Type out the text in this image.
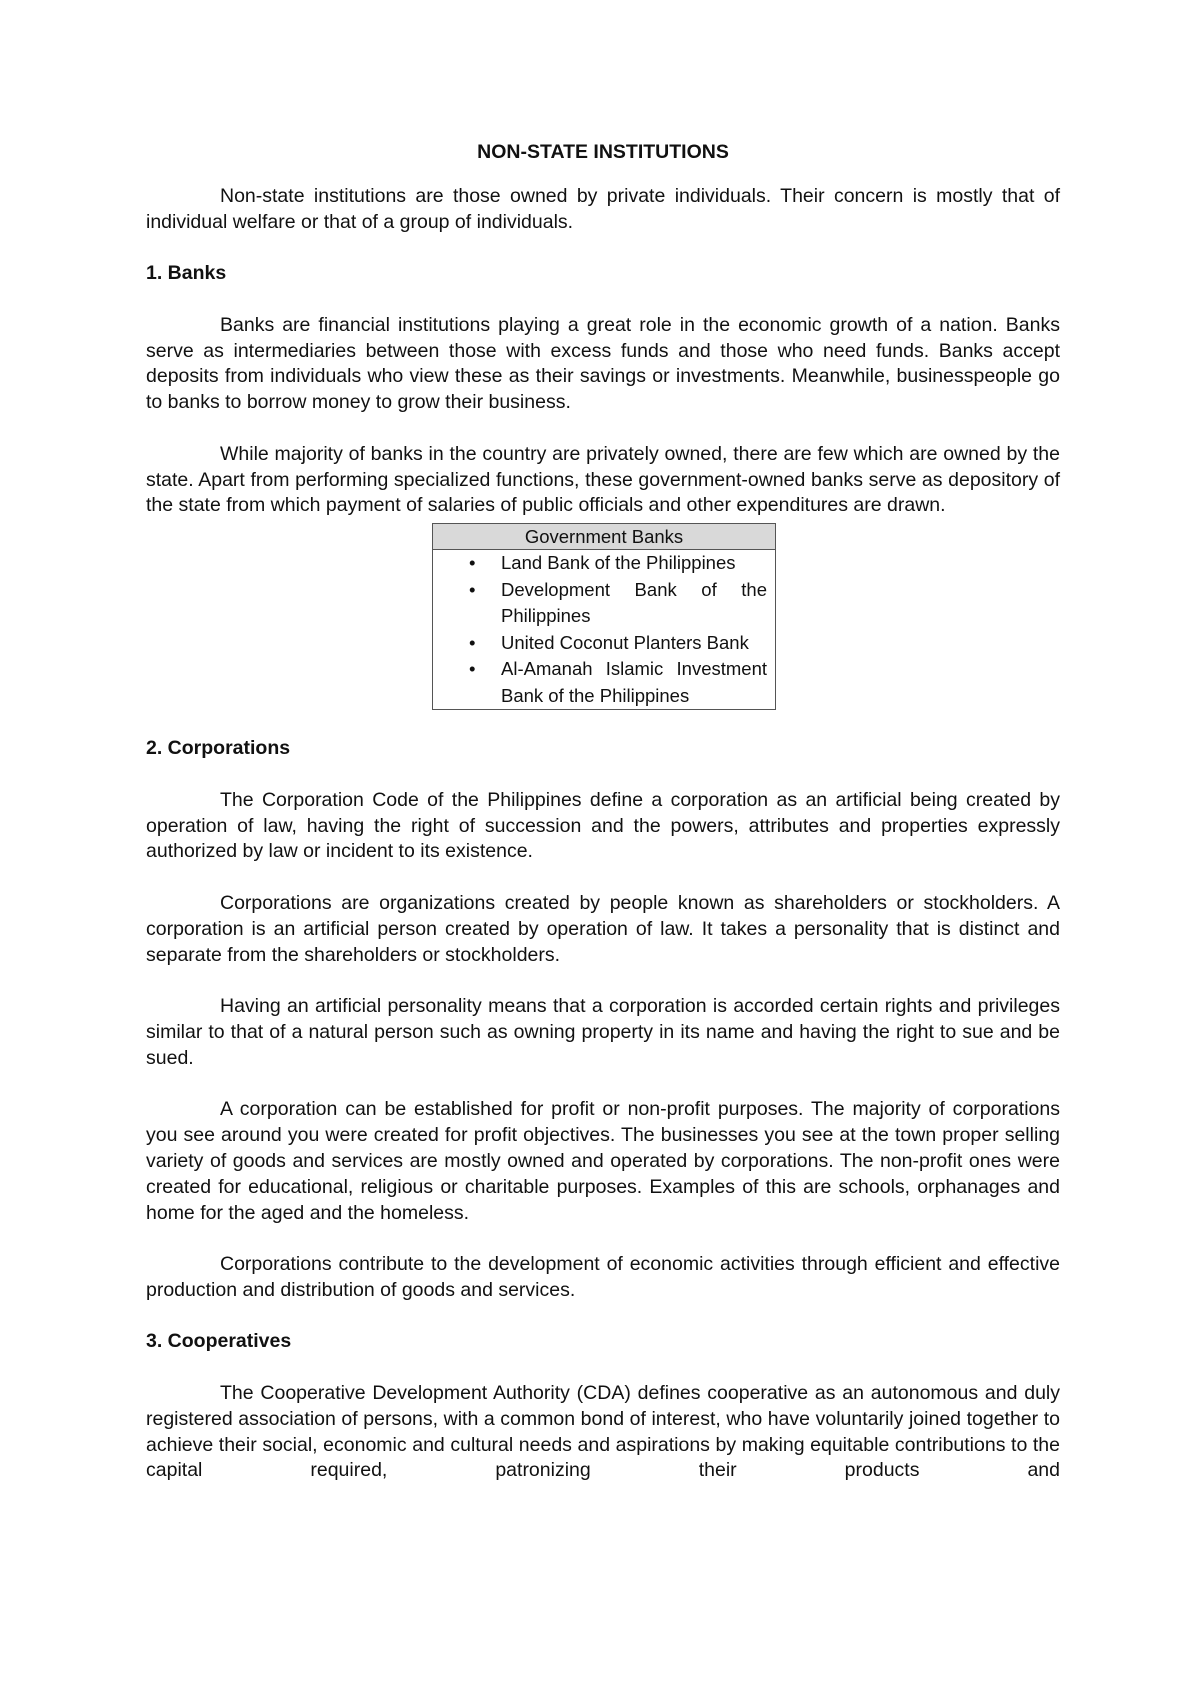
NON-STATE INSTITUTIONS

Non-state institutions are those owned by private individuals. Their concern is mostly that of individual welfare or that of a group of individuals.

1. Banks

Banks are financial institutions playing a great role in the economic growth of a nation. Banks serve as intermediaries between those with excess funds and those who need funds. Banks accept deposits from individuals who view these as their savings or investments. Meanwhile, businesspeople go to banks to borrow money to grow their business.

While majority of banks in the country are privately owned, there are few which are owned by the state. Apart from performing specialized functions, these government-owned banks serve as depository of the state from which payment of salaries of public officials and other expenditures are drawn.

Government Banks
• Land Bank of the Philippines
• Development Bank of the Philippines
• United Coconut Planters Bank
• Al-Amanah Islamic Investment Bank of the Philippines
2. Corporations

The Corporation Code of the Philippines define a corporation as an artificial being created by operation of law, having the right of succession and the powers, attributes and properties expressly authorized by law or incident to its existence.

Corporations are organizations created by people known as shareholders or stockholders. A corporation is an artificial person created by operation of law. It takes a personality that is distinct and separate from the shareholders or stockholders.

Having an artificial personality means that a corporation is accorded certain rights and privileges similar to that of a natural person such as owning property in its name and having the right to sue and be sued.

A corporation can be established for profit or non-profit purposes. The majority of corporations you see around you were created for profit objectives. The businesses you see at the town proper selling variety of goods and services are mostly owned and operated by corporations. The non-profit ones were created for educational, religious or charitable purposes. Examples of this are schools, orphanages and home for the aged and the homeless.

Corporations contribute to the development of economic activities through efficient and effective production and distribution of goods and services.

3. Cooperatives

The Cooperative Development Authority (CDA) defines cooperative as an autonomous and duly registered association of persons, with a common bond of interest, who have voluntarily joined together to achieve their social, economic and cultural needs and aspirations by making equitable contributions to the capital required, patronizing their products and
